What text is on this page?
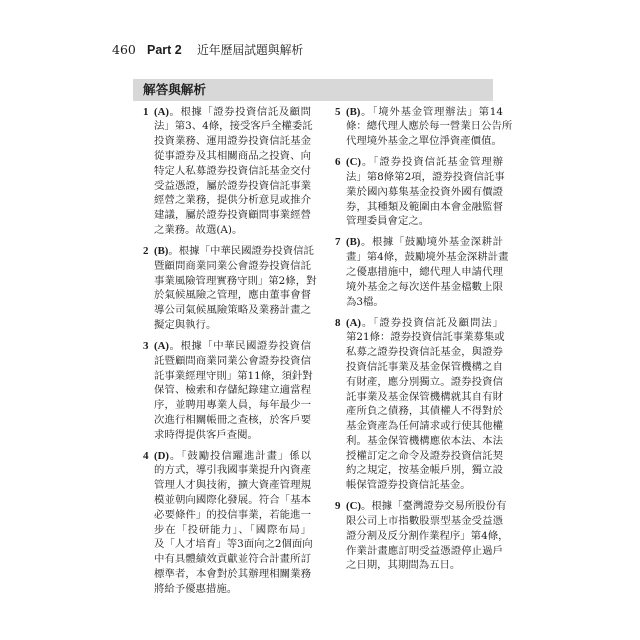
460 Part 2 近年歷屆試題與解析
解答與解析
1 (A)。根據「證券投資信託及顧問
法」第3、4條，接受客戶全權委託
投資業務、運用證券投資信託基金
從事證券及其相關商品之投資、向
特定人私募證券投資信託基金交付
受益憑證，屬於證券投資信託事業
經營之業務，提供分析意見或推介
建議，屬於證券投資顧問事業經營
之業務。故選(A)。
2 (B)。根據「中華民國證券投資信託
暨顧問商業同業公會證券投資信託
事業風險管理實務守則」第2條，對
於氣候風險之管理，應由董事會督
導公司氣候風險策略及業務計畫之
擬定與執行。
3 (A)。根據「中華民國證券投資信
託暨顧問商業同業公會證券投資信
託事業經理守則」第11條，須針對
保管、檢索和存儲紀錄建立適當程
序，並聘用專業人員，每年最少一
次進行相關帳冊之查核，於客戶要
求時得提供客戶查閱。
4 (D)。「鼓勵投信躍進計畫」係以
的方式，導引我國事業提升內資產
管理人才與技術，擴大資產管理規
模並朝向國際化發展。符合「基本
必要條件」的投信事業，若能進一
步在「投研能力」、「國際布局」
及「人才培育」等3面向之2個面向
中有具體績效貢獻並符合計畫所訂
標準者，本會對於其辦理相關業務
將給予優惠措施。
5 (B)。「境外基金管理辦法」第14
條：總代理人應於每一營業日公告所
代理境外基金之單位淨資產價值。
6 (C)。「證券投資信託基金管理辦
法」第8條第2項，證券投資信託事
業於國內募集基金投資外國有價證
券，其種類及範圍由本會金融監督
管理委員會定之。
7 (B)。根據「鼓勵境外基金深耕計
畫」第4條，鼓勵境外基金深耕計畫
之優惠措施中，總代理人申請代理
境外基金之每次送件基金檔數上限
為3檔。
8 (A)。「證券投資信託及顧問法」
第21條：證券投資信託事業募集或
私募之證券投資信託基金，與證券
投資信託事業及基金保管機構之自
有財產，應分別獨立。證券投資信
託事業及基金保管機構就其自有財
產所負之債務，其債權人不得對於
基金資產為任何請求或行使其他權
利。基金保管機構應依本法、本法
授權訂定之命令及證券投資信託契
約之規定，按基金帳戶別，獨立設
帳保管證券投資信託基金。
9 (C)。根據「臺灣證券交易所股份有
限公司上市指數股票型基金受益憑
證分割及反分割作業程序」第4條，
作業計畫應訂明受益憑證停止過戶
之日期，其期間為五日。
